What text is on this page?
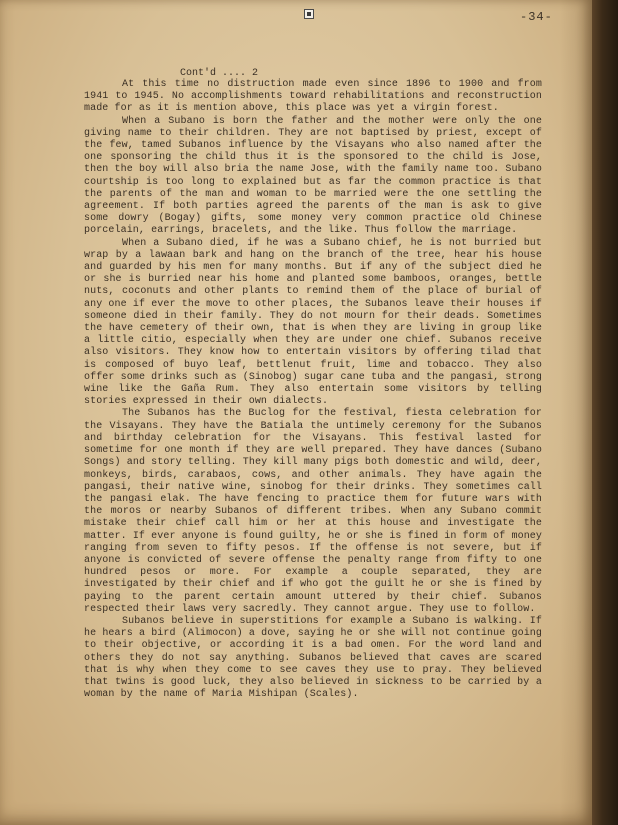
-34-

Cont'd .... 2

At this time no distruction made even since 1896 to 1900 and from 1941 to 1945. No accomplishments toward rehabilitations and reconstruction made for as it is mention above, this place was yet a virgin forest.

When a Subano is born the father and the mother were only the one giving name to their children. They are not baptised by priest, except of the few, tamed Subanos influence by the Visayans who also named after the one sponsoring the child thus it is the sponsored to the child is Jose, then the boy will also bria the name Jose, with the family name too. Subano courtship is too long to explained but as far the common practice is that the parents of the man and woman to be married were the one settling the agreement. If both parties agreed the parents of the man is ask to give some dowry (Bogay) gifts, some money very common practice old Chinese porcelain, earrings, bracelets, and the like. Thus follow the marriage.

When a Subano died, if he was a Subano chief, he is not burried but wrap by a lawaan bark and hang on the branch of the tree, hear his house and guarded by his men for many months. But if any of the subject died he or she is burried near his home and planted some bamboos, oranges, bettle nuts, coconuts and other plants to remind them of the place of burial of any one if ever the move to other places, the Subanos leave their houses if someone died in their family. They do not mourn for their deads. Sometimes the have cemetery of their own, that is when they are living in group like a little citio, especially when they are under one chief. Subanos receive also visitors. They know how to entertain visitors by offering tilad that is composed of buyo leaf, bettlenut fruit, lime and tobacco. They also offer some drinks such as (Sinobog) sugar cane tuba and the pangasi, strong wine like the Gaña Rum. They also entertain some visitors by telling stories expressed in their own dialects.

The Subanos has the Buclog for the festival, fiesta celebration for the Visayans. They have the Batiala the untimely ceremony for the Subanos and birthday celebration for the Visayans. This festival lasted for sometime for one month if they are well prepared. They have dances (Subano Songs) and story telling. They kill many pigs both domestic and wild, deer, monkeys, birds, carabaos, cows, and other animals. They have again the pangasi, their native wine, sinobog for their drinks. They sometimes call the pangasi elak. The have fencing to practice them for future wars with the moros or nearby Subanos of different tribes. When any Subano commit mistake their chief call him or her at this house and investigate the matter. If ever anyone is found guilty, he or she is fined in form of money ranging from seven to fifty pesos. If the offense is not severe, but if anyone is convicted of severe offense the penalty range from fifty to one hundred pesos or more. For example a couple separated, they are investigated by their chief and if who got the guilt he or she is fined by paying to the parent certain amount uttered by their chief. Subanos respected their laws very sacredly. They cannot argue. They use to follow.

Subanos believe in superstitions for example a Subano is walking. If he hears a bird (Alimocon) a dove, saying he or she will not continue going to their objective, or according it is a bad omen. For the word land and others they do not say anything. Subanos believed that caves are scared that is why when they come to see caves they use to pray. They believed that twins is good luck, they also believed in sickness to be carried by a woman by the name of Maria Mishipan (Scales).
